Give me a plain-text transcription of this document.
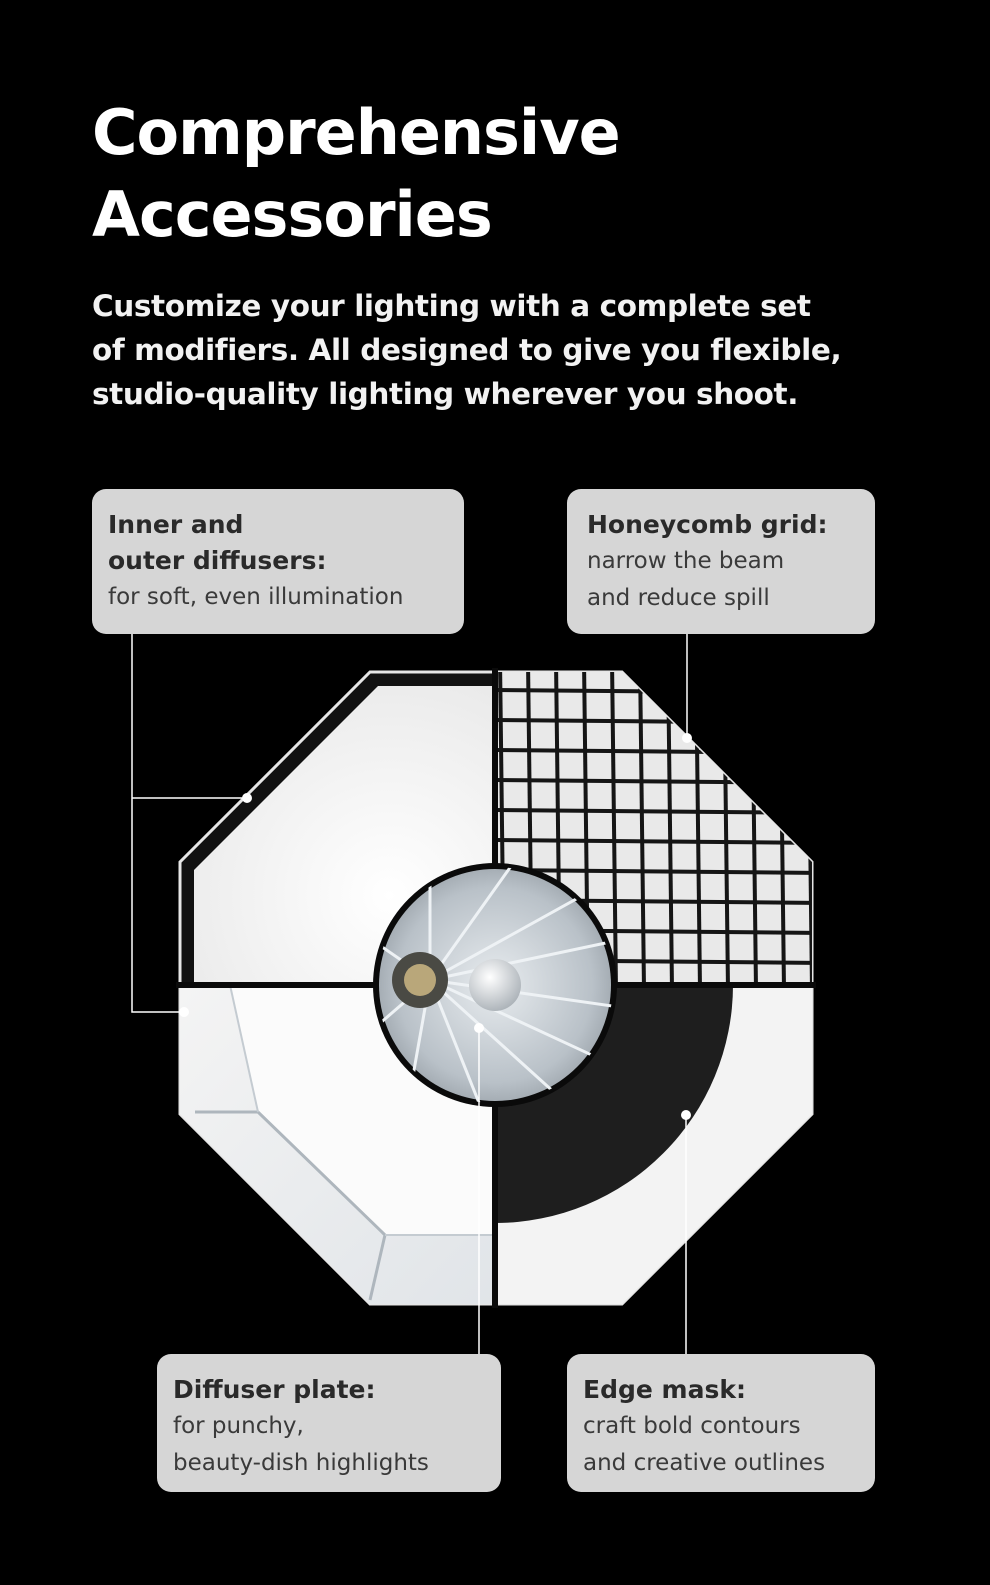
Comprehensive
Accessories

Customize your lighting with a complete set
of modifiers. All designed to give you flexible,
studio-quality lighting wherever you shoot.

Inner and
outer diffusers:
for soft, even illumination
Honeycomb grid:
narrow the beam
and reduce spill
Diffuser plate:
for punchy,
beauty-dish highlights
Edge mask:
craft bold contours
and creative outlines
